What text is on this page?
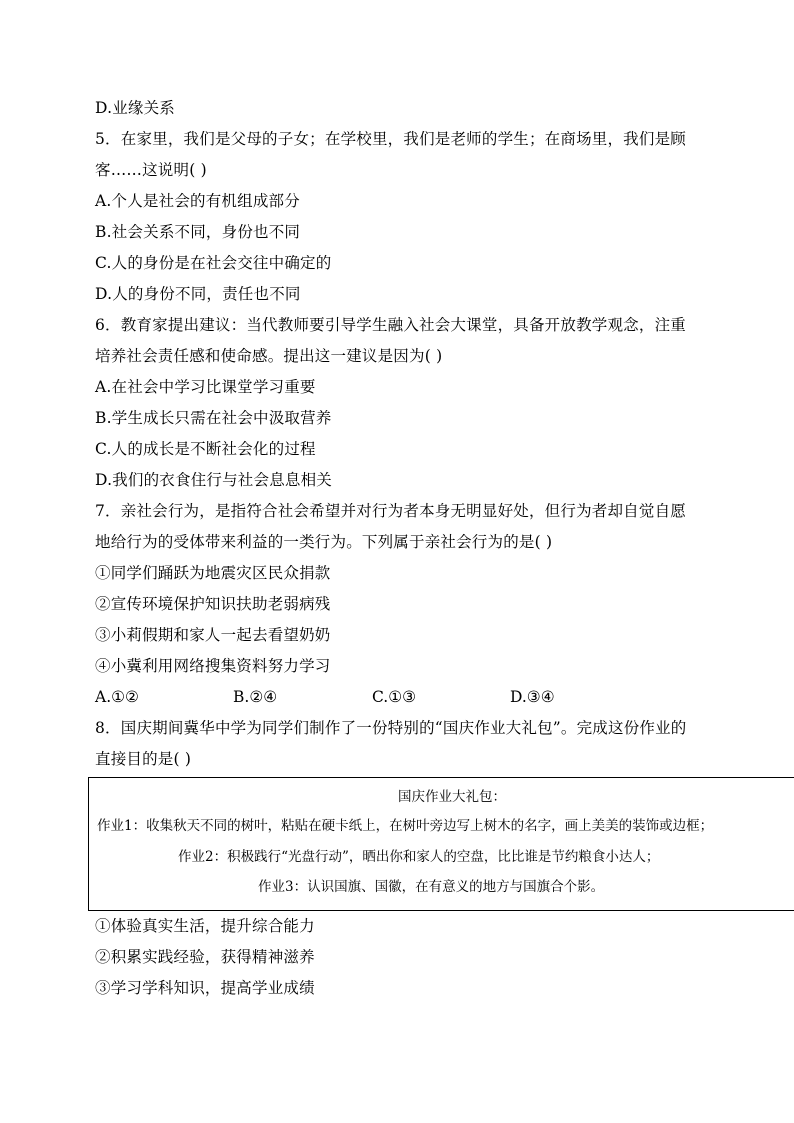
D.业缘关系
5．在家里，我们是父母的子女；在学校里，我们是老师的学生；在商场里，我们是顾
客……这说明( )
A.个人是社会的有机组成部分
B.社会关系不同，身份也不同
C.人的身份是在社会交往中确定的
D.人的身份不同，责任也不同
6．教育家提出建议：当代教师要引导学生融入社会大课堂，具备开放教学观念，注重
培养社会责任感和使命感。提出这一建议是因为( )
A.在社会中学习比课堂学习重要
B.学生成长只需在社会中汲取营养
C.人的成长是不断社会化的过程
D.我们的衣食住行与社会息息相关
7．亲社会行为，是指符合社会希望并对行为者本身无明显好处，但行为者却自觉自愿
地给行为的受体带来利益的一类行为。下列属于亲社会行为的是( )
①同学们踊跃为地震灾区民众捐款
②宣传环境保护知识扶助老弱病残
③小莉假期和家人一起去看望奶奶
④小冀利用网络搜集资料努力学习
A.①②	B.②④	C.①③	D.③④
8．国庆期间冀华中学为同学们制作了一份特别的“国庆作业大礼包”。完成这份作业的
直接目的是( )
国庆作业大礼包：
作业1：收集秋天不同的树叶，粘贴在硬卡纸上，在树叶旁边写上树木的名字，画上美美的装饰或边框；
作业2：积极践行“光盘行动”，晒出你和家人的空盘，比比谁是节约粮食小达人；
作业3：认识国旗、国徽，在有意义的地方与国旗合个影。
①体验真实生活，提升综合能力
②积累实践经验，获得精神滋养
③学习学科知识，提高学业成绩
